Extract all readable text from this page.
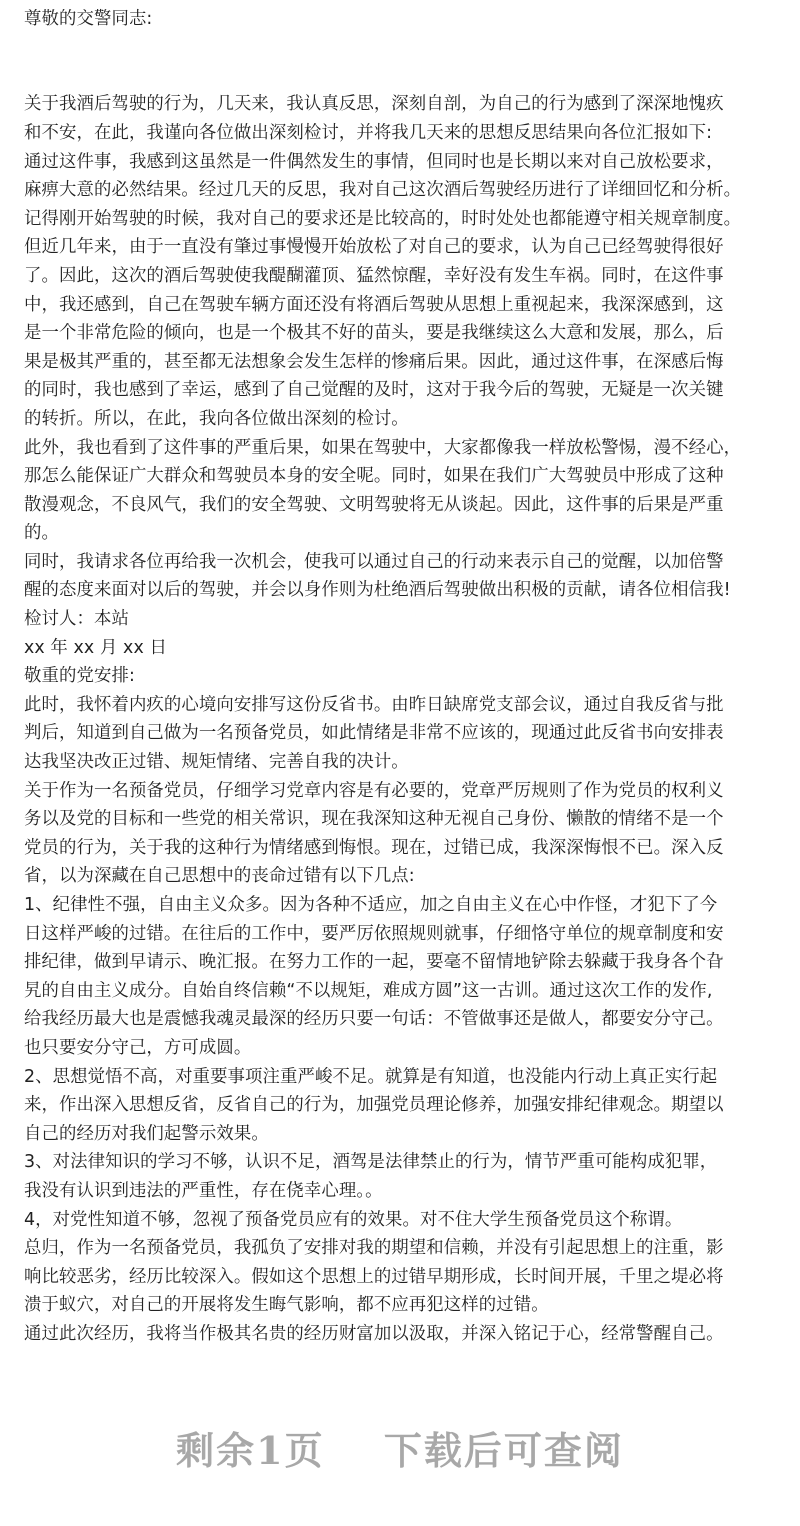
尊敬的交警同志:
关于我酒后驾驶的行为，几天来，我认真反思，深刻自剖，为自己的行为感到了深深地愧疚
和不安，在此，我谨向各位做出深刻检讨，并将我几天来的思想反思结果向各位汇报如下:
通过这件事，我感到这虽然是一件偶然发生的事情，但同时也是长期以来对自己放松要求，
麻痹大意的必然结果。经过几天的反思，我对自己这次酒后驾驶经历进行了详细回忆和分析。
记得刚开始驾驶的时候，我对自己的要求还是比较高的，时时处处也都能遵守相关规章制度。
但近几年来，由于一直没有肇过事慢慢开始放松了对自己的要求，认为自己已经驾驶得很好
了。因此，这次的酒后驾驶使我醍醐灌顶、猛然惊醒，幸好没有发生车祸。同时，在这件事
中，我还感到，自己在驾驶车辆方面还没有将酒后驾驶从思想上重视起来，我深深感到，这
是一个非常危险的倾向，也是一个极其不好的苗头，要是我继续这么大意和发展，那么，后
果是极其严重的，甚至都无法想象会发生怎样的惨痛后果。因此，通过这件事，在深感后悔
的同时，我也感到了幸运，感到了自己觉醒的及时，这对于我今后的驾驶，无疑是一次关键
的转折。所以，在此，我向各位做出深刻的检讨。
此外，我也看到了这件事的严重后果，如果在驾驶中，大家都像我一样放松警惕，漫不经心，
那怎么能保证广大群众和驾驶员本身的安全呢。同时，如果在我们广大驾驶员中形成了这种
散漫观念，不良风气，我们的安全驾驶、文明驾驶将无从谈起。因此，这件事的后果是严重
的。
同时，我请求各位再给我一次机会，使我可以通过自己的行动来表示自己的觉醒，以加倍警
醒的态度来面对以后的驾驶，并会以身作则为杜绝酒后驾驶做出积极的贡献，请各位相信我!
检讨人：本站
xx 年 xx 月 xx 日
敬重的党安排:
此时，我怀着内疚的心境向安排写这份反省书。由昨日缺席党支部会议，通过自我反省与批
判后，知道到自己做为一名预备党员，如此情绪是非常不应该的，现通过此反省书向安排表
达我坚决改正过错、规矩情绪、完善自我的决计。
关于作为一名预备党员，仔细学习党章内容是有必要的，党章严厉规则了作为党员的权利义
务以及党的目标和一些党的相关常识，现在我深知这种无视自己身份、懒散的情绪不是一个
党员的行为，关于我的这种行为情绪感到悔恨。现在，过错已成，我深深悔恨不已。深入反
省，以为深藏在自己思想中的丧命过错有以下几点:
1、纪律性不强，自由主义众多。因为各种不适应，加之自由主义在心中作怪，才犯下了今
日这样严峻的过错。在往后的工作中，要严厉依照规则就事，仔细恪守单位的规章制度和安
排纪律，做到早请示、晚汇报。在努力工作的一起，要毫不留情地铲除去躲藏于我身各个旮
旯的自由主义成分。自始自终信赖“不以规矩，难成方圆”这一古训。通过这次工作的发作,
给我经历最大也是震憾我魂灵最深的经历只要一句话：不管做事还是做人，都要安分守己。
也只要安分守己，方可成圆。
2、思想觉悟不高，对重要事项注重严峻不足。就算是有知道，也没能内行动上真正实行起
来，作出深入思想反省，反省自己的行为，加强党员理论修养，加强安排纪律观念。期望以
自己的经历对我们起警示效果。
3、对法律知识的学习不够，认识不足，酒驾是法律禁止的行为，情节严重可能构成犯罪，
我没有认识到违法的严重性，存在侥幸心理。。
4，对党性知道不够，忽视了预备党员应有的效果。对不住大学生预备党员这个称谓。
总归，作为一名预备党员，我孤负了安排对我的期望和信赖，并没有引起思想上的注重，影
响比较恶劣，经历比较深入。假如这个思想上的过错早期形成，长时间开展，千里之堤必将
溃于蚁穴，对自己的开展将发生晦气影响，都不应再犯这样的过错。
通过此次经历，我将当作极其名贵的经历财富加以汲取，并深入铭记于心，经常警醒自己。
剩余1页 下载后可查阅
